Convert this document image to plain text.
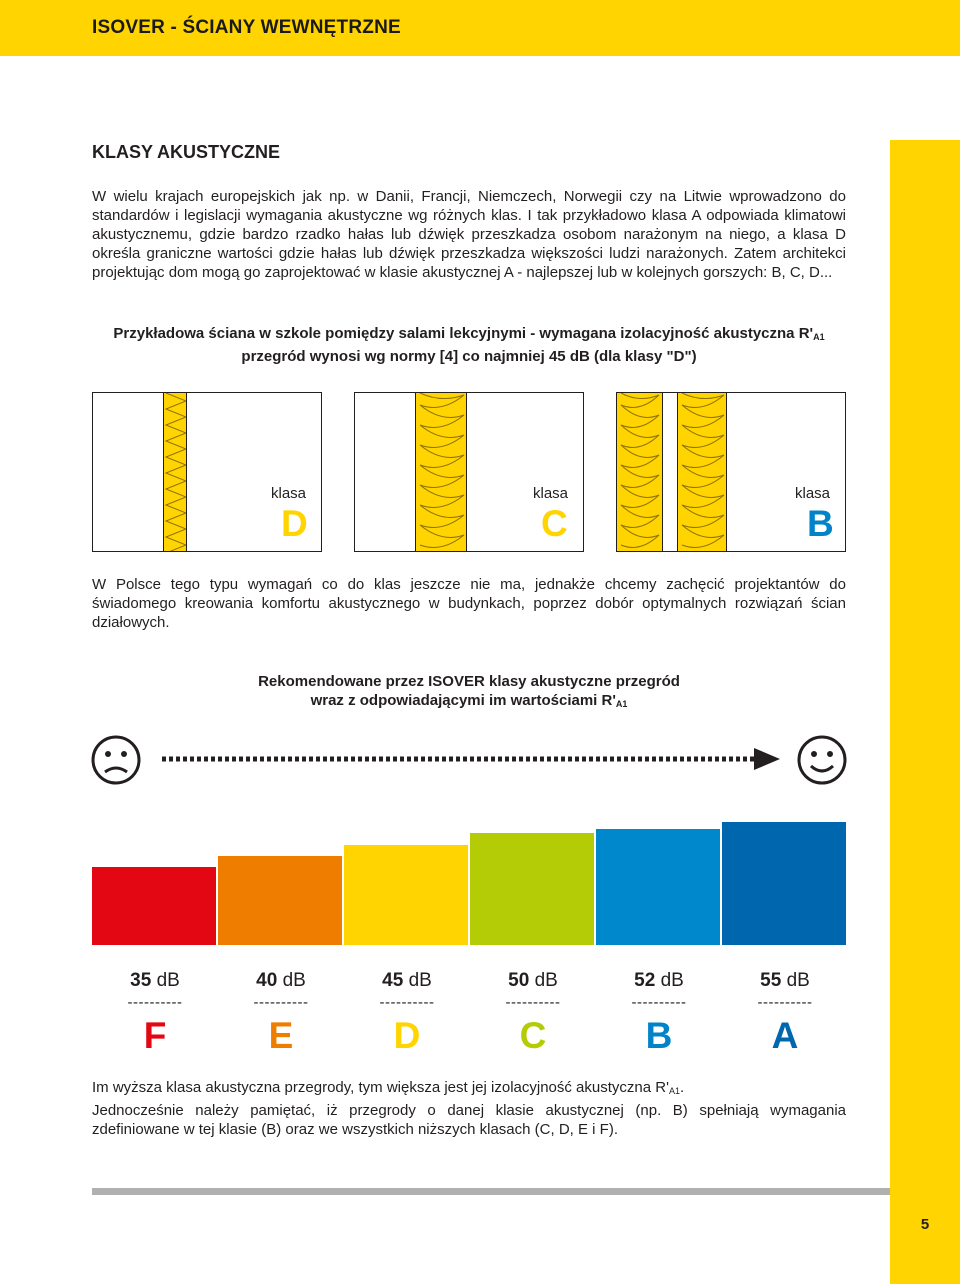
ISOVER - ŚCIANY WEWNĘTRZNE
KLASY AKUSTYCZNE
W wielu krajach europejskich jak np. w Danii, Francji, Niemczech, Norwegii czy na Litwie wprowadzono do standardów i legislacji wymagania akustyczne wg różnych klas. I tak przykładowo klasa A odpowiada klimatowi akustycznemu, gdzie bardzo rzadko hałas lub dźwięk przeszkadza osobom narażonym na niego, a klasa D określa graniczne wartości gdzie hałas lub dźwięk przeszkadza większości ludzi narażonych. Zatem architekci projektując dom mogą go zaprojektować w klasie akustycznej A - najlepszej lub w kolejnych gorszych: B, C, D...
Przykładowa ściana w szkole pomiędzy salami lekcyjnymi - wymagana izolacyjność akustyczna $R'_{A1}$
przegród wynosi wg normy [4] co najmniej 45 dB (dla klasy "D")
klasa
D
klasa
C
klasa
B
W Polsce tego typu wymagań co do klas jeszcze nie ma, jednakże chcemy zachęcić projektantów do świadomego kreowania komfortu akustycznego w budynkach, poprzez dobór optymalnych rozwiązań ścian działowych.
Rekomendowane przez ISOVER klasy akustyczne przegród
wraz z odpowiadającymi im wartościami $R'_{A1}$
35 dB
----------
F
40 dB
----------
E
45 dB
----------
D
50 dB
----------
C
52 dB
----------
B
55 dB
----------
A
Im wyższa klasa akustyczna przegrody, tym większa jest jej izolacyjność akustyczna $R'_{A1}$.
Jednocześnie należy pamiętać, iż przegrody o danej klasie akustycznej (np. B) spełniają wymagania zdefiniowane w tej klasie (B) oraz we wszystkich niższych klasach (C, D, E i F).
5
